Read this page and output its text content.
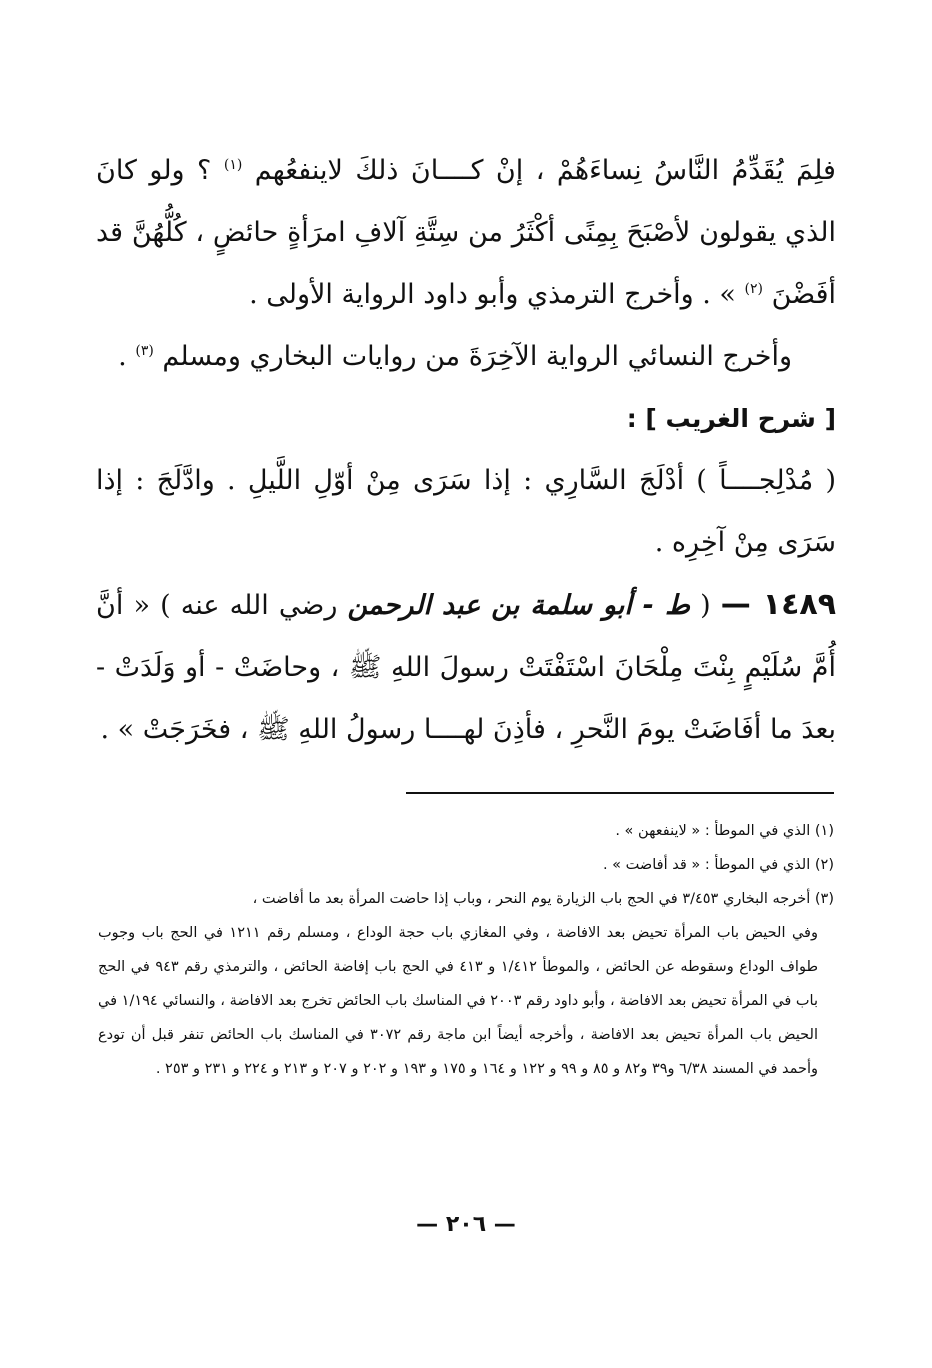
فلِمَ يُقَدِّمُ النَّاسُ نِساءَهُمْ ، إنْ كــــانَ ذلكَ لاينفعُهم $^{(١)}$ ؟ ولو كانَ الذي يقولون لأصْبَحَ بِمِنًى أكْثَرُ من سِتَّةِ آلافِ امرَأةٍ حائضٍ ، كُلُّهُنَّ قد أفَضْنَ $^{(٢)}$ » . وأخرج الترمذي وأبو داود الرواية الأولى .

وأخرج النسائي الرواية الآخِرَةَ من روايات البخاري ومسلم $^{(٣)}$ .

[ شرح الغريب ] :

( مُدْلِجــــاً ) أدْلَجَ السَّارِي : إذا سَرَى مِنْ أوّلِ اللَّيلِ . وادَّلَجَ : إذا سَرَى مِنْ آخِرِه .

١٤٨٩ — ( ط - أبو سلمة بن عبد الرحمن رضي الله عنه ) « أنَّ أُمَّ سُلَيْمٍ بِنْتَ مِلْحَانَ اسْتَفْتَتْ رسولَ اللهِ ﷺ ، وحاضَتْ - أو وَلَدَتْ - بعدَ ما أفَاضَتْ يومَ النَّحرِ ، فأذِنَ لهــــا رسولُ اللهِ ﷺ ، فخَرَجَتْ » .

(١) الذي في الموطأ : « لاينفعهن » .

(٢) الذي في الموطأ : « قد أفاضت » .

(٣) أخرجه البخاري ٣/٤٥٣ في الحج باب الزيارة يوم النحر ، وباب إذا حاضت المرأة بعد ما أفاضت ،

وفي الحيض باب المرأة تحيض بعد الافاضة ، وفي المغازي باب حجة الوداع ، ومسلم رقم ١٢١١ في الحج باب وجوب طواف الوداع وسقوطه عن الحائض ، والموطأ ١/٤١٢ و ٤١٣ في الحج باب إفاضة الحائض ، والترمذي رقم ٩٤٣ في الحج باب في المرأة تحيض بعد الافاضة ، وأبو داود رقم ٢٠٠٣ في المناسك باب الحائض تخرج بعد الافاضة ، والنسائي ١/١٩٤ في الحيض باب المرأة تحيض بعد الافاضة ، وأخرجه أيضاً ابن ماجة رقم ٣٠٧٢ في المناسك باب الحائض تنفر قبل أن تودع وأحمد في المسند ٦/٣٨ و٣٩ و٨٢ و ٨٥ و ٩٩ و ١٢٢ و ١٦٤ و ١٧٥ و ١٩٣ و ٢٠٢ و ٢٠٧ و ٢١٣ و ٢٢٤ و ٢٣١ و ٢٥٣ .

— ٢٠٦ —
